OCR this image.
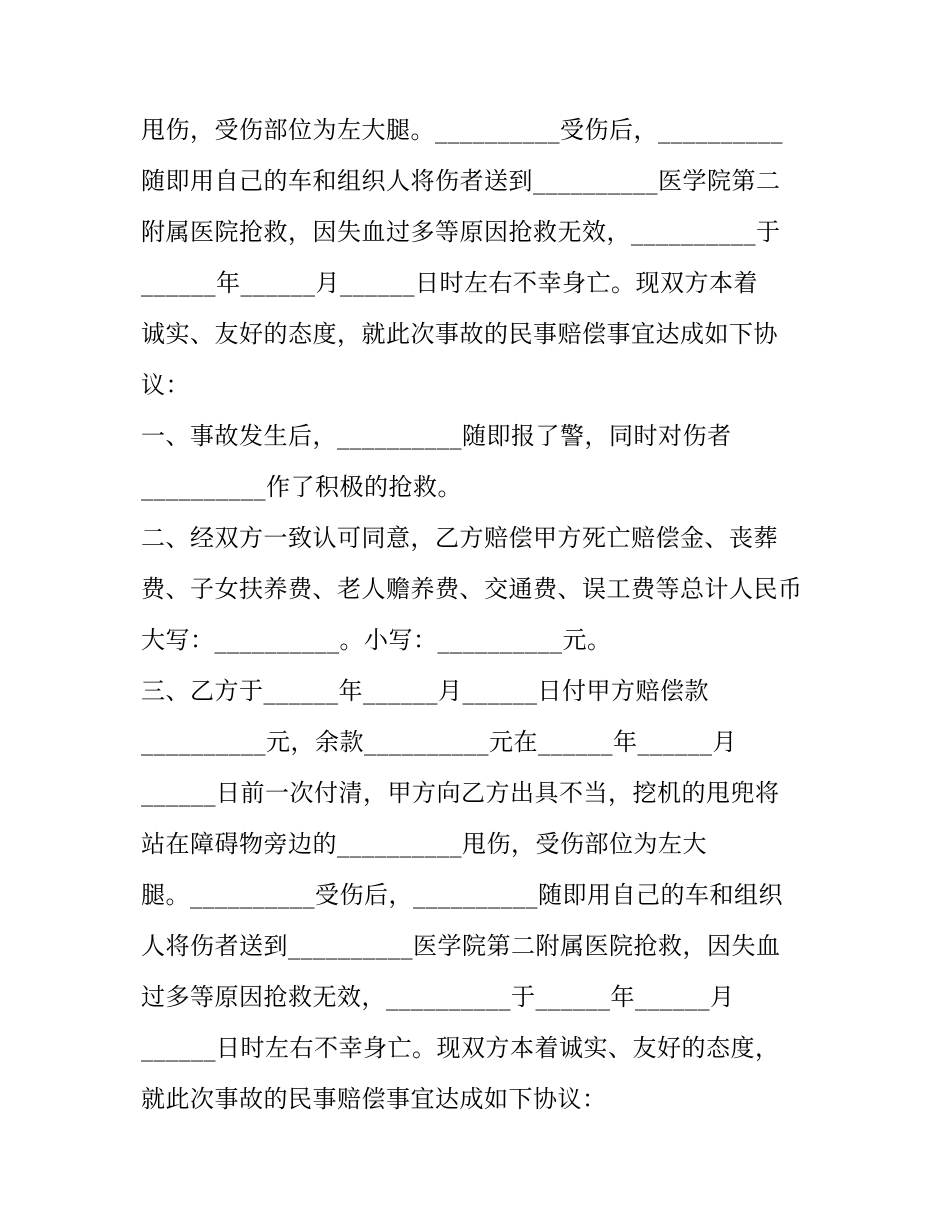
甩伤，受伤部位为左大腿。__________受伤后，__________
随即用自己的车和组织人将伤者送到__________医学院第二
附属医院抢救，因失血过多等原因抢救无效，__________于
______年______月______日时左右不幸身亡。现双方本着
诚实、友好的态度，就此次事故的民事赔偿事宜达成如下协
议：
一、事故发生后，__________随即报了警，同时对伤者
__________作了积极的抢救。
二、经双方一致认可同意，乙方赔偿甲方死亡赔偿金、丧葬
费、子女扶养费、老人赡养费、交通费、误工费等总计人民币
大写：__________。小写：__________元。
三、乙方于______年______月______日付甲方赔偿款
__________元，余款__________元在______年______月
______日前一次付清，甲方向乙方出具不当，挖机的甩兜将
站在障碍物旁边的__________甩伤，受伤部位为左大
腿。__________受伤后，__________随即用自己的车和组织
人将伤者送到__________医学院第二附属医院抢救，因失血
过多等原因抢救无效，__________于______年______月
______日时左右不幸身亡。现双方本着诚实、友好的态度，
就此次事故的民事赔偿事宜达成如下协议：
